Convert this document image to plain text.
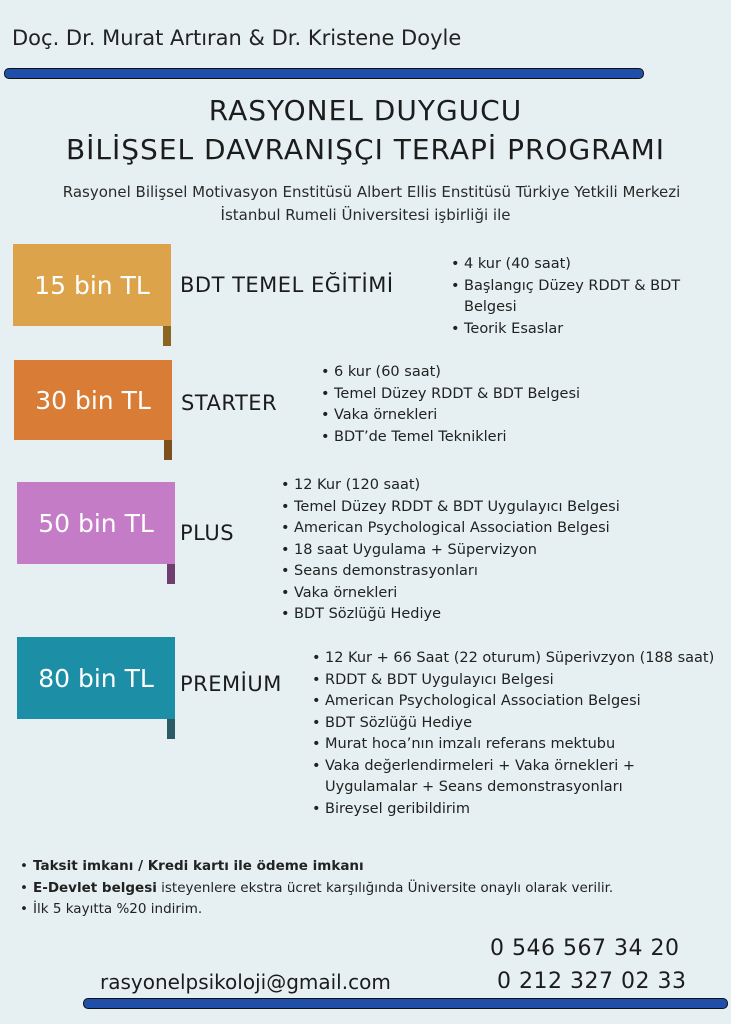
Doç. Dr. Murat Artıran & Dr. Kristene Doyle
RASYONEL DUYGUCU
BİLİŞSEL DAVRANIŞÇI TERAPİ PROGRAMI
Rasyonel Bilişsel Motivasyon Enstitüsü Albert Ellis Enstitüsü Türkiye Yetkili Merkezi
İstanbul Rumeli Üniversitesi işbirliği ile
15 bin TL	BDT TEMEL EĞİTİMİ
• 4 kur (40 saat)
• Başlangıç Düzey RDDT & BDT
Belgesi
• Teorik Esaslar
30 bin TL	STARTER
• 6 kur (60 saat)
• Temel Düzey RDDT & BDT Belgesi
• Vaka örnekleri
• BDT’de Temel Teknikleri
50 bin TL	PLUS
• 12 Kur (120 saat)
• Temel Düzey RDDT & BDT Uygulayıcı Belgesi
• American Psychological Association Belgesi
• 18 saat Uygulama + Süpervizyon
• Seans demonstrasyonları
• Vaka örnekleri
• BDT Sözlüğü Hediye
80 bin TL	PREMİUM
• 12 Kur + 66 Saat (22 oturum) Süperivzyon (188 saat)
• RDDT & BDT Uygulayıcı Belgesi
• American Psychological Association Belgesi
• BDT Sözlüğü Hediye
• Murat hoca’nın imzalı referans mektubu
• Vaka değerlendirmeleri + Vaka örnekleri +
Uygulamalar + Seans demonstrasyonları
• Bireysel geribildirim
• Taksit imkanı / Kredi kartı ile ödeme imkanı
• E-Devlet belgesi isteyenlere ekstra ücret karşılığında Üniversite onaylı olarak verilir.
• İlk 5 kayıtta %20 indirim.
0 546 567 34 20
0 212 327 02 33
rasyonelpsikoloji@gmail.com
